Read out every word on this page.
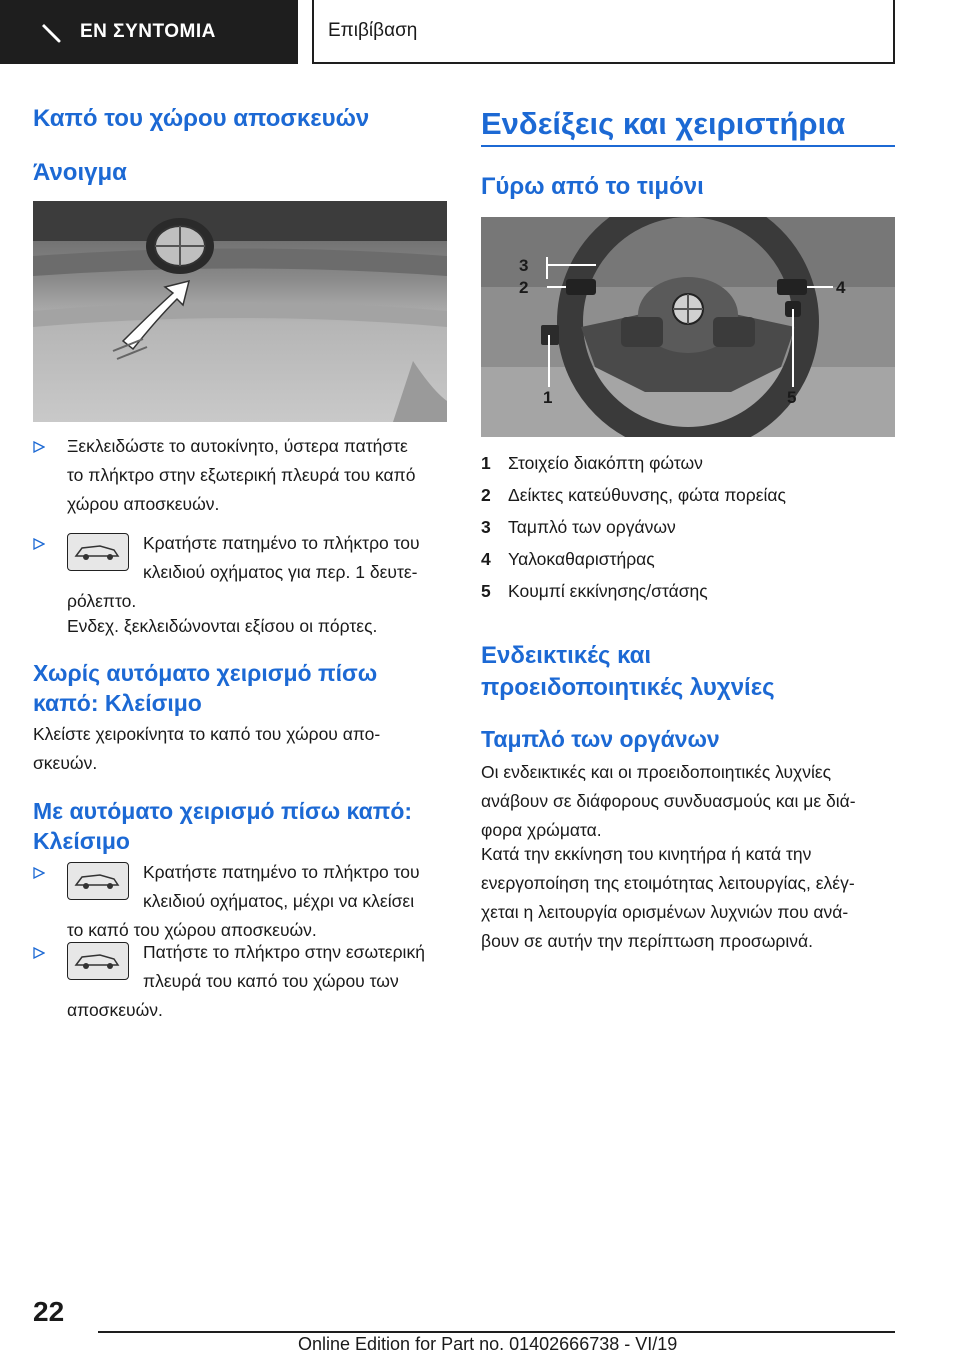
ΕΝ ΣΥΝΤΟΜΙΑ	Επιβίβαση
Καπό του χώρου αποσκευών
Άνοιγμα
Ξεκλειδώστε το αυτοκίνητο, ύστερα πατήστε
το πλήκτρο στην εξωτερική πλευρά του καπό
χώρου αποσκευών.
Κρατήστε πατημένο το πλήκτρο του
κλειδιού οχήματος για περ. 1 δευτε-
ρόλεπτο.
Ενδεχ. ξεκλειδώνονται εξίσου οι πόρτες.
Χωρίς αυτόματο χειρισμό πίσω
καπό: Κλείσιμο
Κλείστε χειροκίνητα το καπό του χώρου απο-
σκευών.
Με αυτόματο χειρισμό πίσω καπό:
Κλείσιμο
Κρατήστε πατημένο το πλήκτρο του
κλειδιού οχήματος, μέχρι να κλείσει
το καπό του χώρου αποσκευών.
Πατήστε το πλήκτρο στην εσωτερική
πλευρά του καπό του χώρου των
αποσκευών.
Ενδείξεις και χειριστήρια
Γύρω από το τιμόνι
3
2	4
1	5
1 Στοιχείο διακόπτη φώτων
2 Δείκτες κατεύθυνσης, φώτα πορείας
3 Ταμπλό των οργάνων
4 Υαλοκαθαριστήρας
5 Κουμπί εκκίνησης/στάσης
Ενδεικτικές και
προειδοποιητικές λυχνίες
Ταμπλό των οργάνων
Οι ενδεικτικές και οι προειδοποιητικές λυχνίες
ανάβουν σε διάφορους συνδυασμούς και με διά-
φορα χρώματα.
Κατά την εκκίνηση του κινητήρα ή κατά την
ενεργοποίηση της ετοιμότητας λειτουργίας, ελέγ-
χεται η λειτουργία ορισμένων λυχνιών που ανά-
βουν σε αυτήν την περίπτωση προσωρινά.
22
Online Edition for Part no. 01402666738 - VI/19
